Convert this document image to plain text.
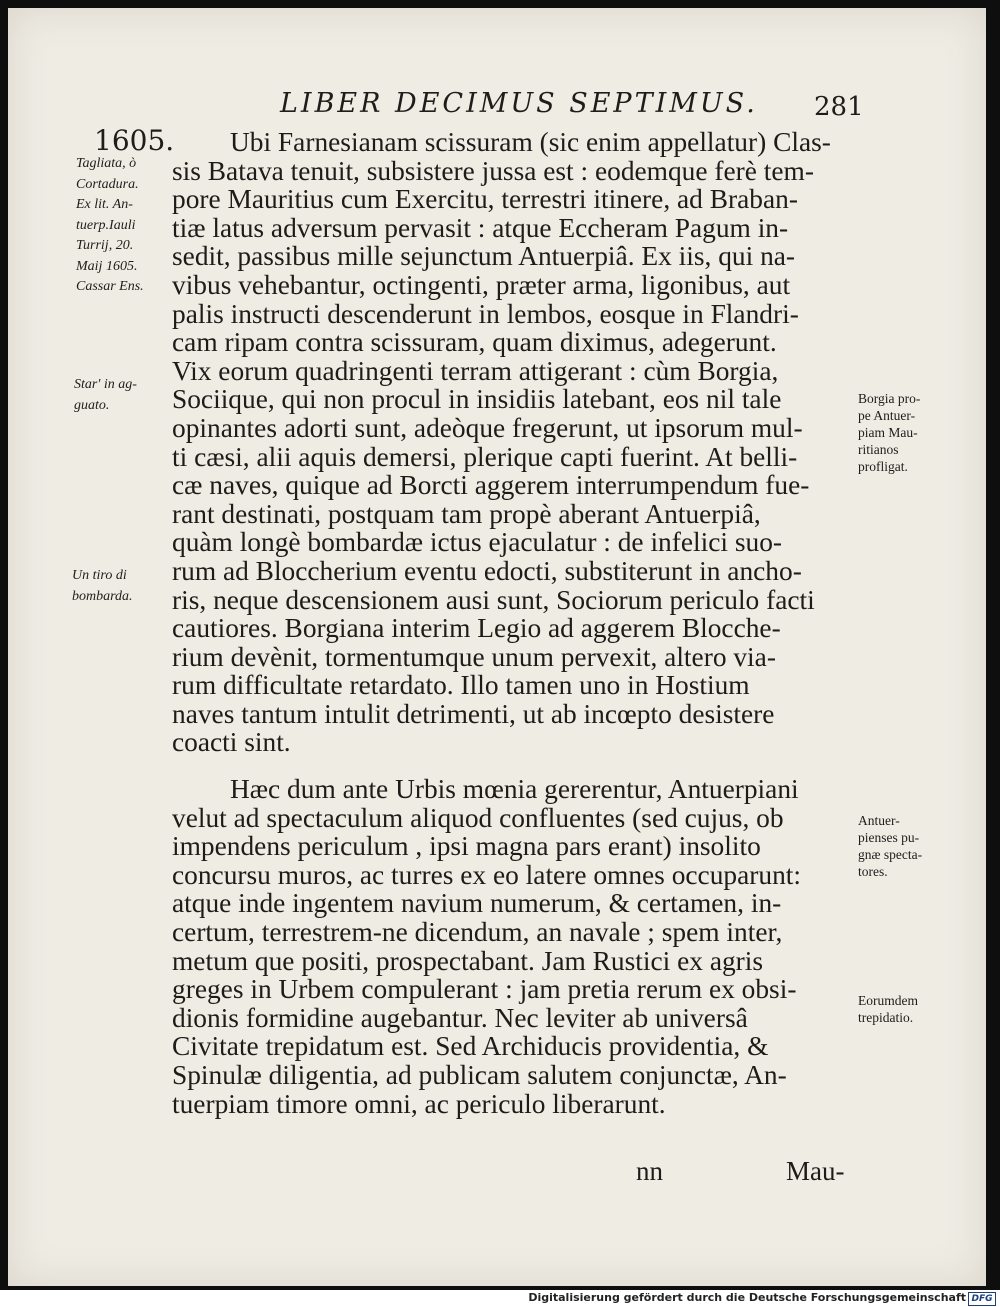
LIBER DECIMUS SEPTIMUS. 281
1605.	Ubi Farnesianam scissuram (sic enim appellatur) Clas-
sis Batava tenuit, subsistere jussa est : eodemque ferè tem-
pore Mauritius cum Exercitu, terrestri itinere, ad Braban-
tiæ latus adversum pervasit : atque Eccheram Pagum in-
sedit, passibus mille sejunctum Antuerpiâ. Ex iis, qui na-
vibus vehebantur, octingenti, præter arma, ligonibus, aut
palis instructi descenderunt in lembos, eosque in Flandri-
cam ripam contra scissuram, quam diximus, adegerunt.
Vix eorum quadringenti terram attigerant : cùm Borgia,
Sociique, qui non procul in insidiis latebant, eos nil tale
opinantes adorti sunt, adeòque fregerunt, ut ipsorum mul-
ti cæsi, alii aquis demersi, plerique capti fuerint. At belli-
cæ naves, quique ad Borcti aggerem interrumpendum fue-
rant destinati, postquam tam propè aberant Antuerpiâ,
quàm longè bombardæ ictus ejaculatur : de infelici suo-
rum ad Bloccherium eventu edocti, substiterunt in ancho-
ris, neque descensionem ausi sunt, Sociorum periculo facti
cautiores. Borgiana interim Legio ad aggerem Blocche-
rium devènit, tormentumque unum pervexit, altero via-
rum difficultate retardato. Illo tamen uno in Hostium
naves tantum intulit detrimenti, ut ab incœpto desistere
coacti sint.
Hæc dum ante Urbis mœnia gererentur, Antuerpiani
velut ad spectaculum aliquod confluentes (sed cujus, ob
impendens periculum , ipsi magna pars erant) insolito
concursu muros, ac turres ex eo latere omnes occuparunt:
atque inde ingentem navium numerum, & certamen, in-
certum, terrestrem-ne dicendum, an navale ; spem inter,
metum que positi, prospectabant. Jam Rustici ex agris
greges in Urbem compulerant : jam pretia rerum ex obsi-
dionis formidine augebantur. Nec leviter ab universâ
Civitate trepidatum est. Sed Archiducis providentia, &
Spinulæ diligentia, ad publicam salutem conjunctæ, An-
tuerpiam timore omni, ac periculo liberarunt.
Tagliata, ò
Cortadura.
Ex lit. An-
tuerp.Iauli
Turrij, 20.
Maij 1605.
Cassar Ens.
Star' in ag-
guato.
Un tiro di
bombarda.
Borgia pro-
pe Antuer-
piam Mau-
ritianos
profligat.
Antuer-
pienses pu-
gnæ specta-
tores.
Eorumdem
trepidatio.
nn	Mau-
Digitalisierung gefördert durch die Deutsche Forschungsgemeinschaft DFG
